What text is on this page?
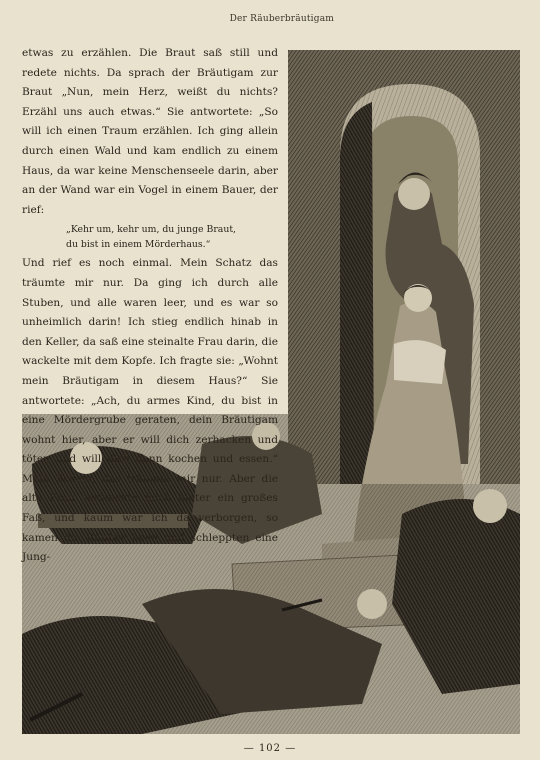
Der Räuberbräutigam

etwas zu erzählen. Die Braut saß still und redete nichts. Da sprach der Bräutigam zur Braut „Nun, mein Herz, weißt du nichts? Erzähl uns auch etwas.“ Sie antwortete: „So will ich einen Traum erzählen. Ich ging allein durch einen Wald und kam endlich zu einem Haus, da war keine Menschenseele darin, aber an der Wand war ein Vogel in einem Bauer, der rief:

„Kehr um, kehr um, du junge Braut,
du bist in einem Mörderhaus.“

Und rief es noch einmal. Mein Schatz das träumte mir nur. Da ging ich durch alle Stuben, und alle waren leer, und es war so unheimlich darin! Ich stieg endlich hinab in den Keller, da saß eine steinalte Frau darin, die wackelte mit dem Kopfe. Ich fragte sie: „Wohnt mein Bräutigam in diesem Haus?“ Sie antwortete: „Ach, du armes Kind, du bist in eine Mördergrube geraten, dein Bräutigam wohnt hier, aber er will dich zerhacken und töten und will dich dann kochen und essen.“ Mein Schatz, das träumte mir nur. Aber die alte Frau versteckte mich hinter ein großes Faß, und kaum war ich da verborgen, so kamen die Räuber heim und schleppten eine Jung-

— 102 —
